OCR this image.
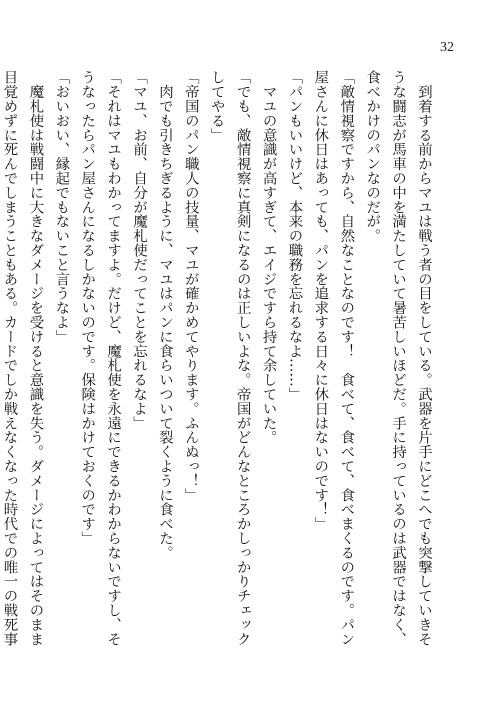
32
　到着する前からマユは戦う者の目をしている。武器を片手にどこへでも突撃していきそ
うな闘志が馬車の中を満たしていて暑苦しいほどだ。手に持っているのは武器ではなく、
食べかけのパンなのだが。
「敵情視察ですから、自然なことなのです！　食べて、食べて、食べまくるのです。パン
屋さんに休日はあっても、パンを追求する日々に休日はないのです！」
「パンもいいけど、本来の職務を忘れるなよ……」
　マユの意識が高すぎて、エイジですら持て余していた。
「でも、敵情視察に真剣になるのは正しいよな。帝国がどんなところかしっかりチェック
してやる」
「帝国のパン職人の技量、マユが確かめてやります。ふんぬっ！」
　肉でも引きちぎるように、マユはパンに食らいついて裂くように食べた。
「マユ、お前、自分が魔札使だってことを忘れるなよ」
「それはマユもわかってますよ。だけど、魔札使を永遠にできるかわからないですし、そ
うなったらパン屋さんになるしかないのです。保険はかけておくのです」
「おいおい、縁起でもないこと言うなよ」
　魔札使は戦闘中に大きなダメージを受けると意識を失う。ダメージによってはそのまま
目覚めずに死んでしまうこともある。カードでしか戦えなくなった時代での唯一の戦死事
